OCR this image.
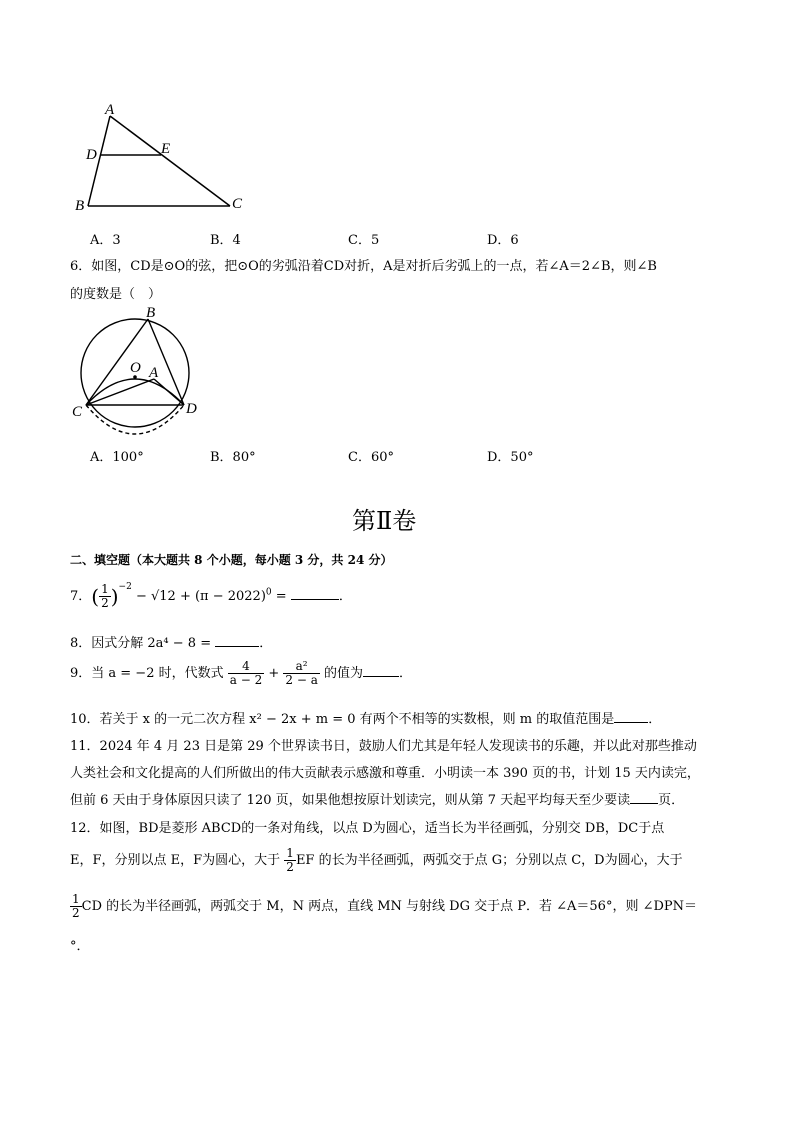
A
D	E
B	C
A．3	B．4	C．5	D．6
6．如图，CD是⊙O的弦，把⊙O的劣弧沿着CD对折，A是对折后劣弧上的一点，若∠A＝2∠B，则∠B
的度数是（　）
B
O A
C	D
A．100°	B．80°	C．60°	D．50°
第Ⅱ卷
二、填空题（本大题共 8 个小题，每小题 3 分，共 24 分）
7．( $\frac{1}{2} )^{-2} - √12 + (\pi - 2022)^0$ =	．
8．因式分解 2a⁴ − 8 =	．
9．当 a = −2 时，代数式 $\frac{4}{a - 2} + \frac{\text{a²}}{2 - a}$ 的值为	．
10．若关于 x 的一元二次方程 x² − 2x + m = 0 有两个不相等的实数根，则 m 的取值范围是	．
11．2024 年 4 月 23 日是第 29 个世界读书日，鼓励人们尤其是年轻人发现读书的乐趣，并以此对那些推动
人类社会和文化提高的人们所做出的伟大贡献表示感激和尊重．小明读一本 390 页的书，计划 15 天内读完，
但前 6 天由于身体原因只读了 120 页，如果他想按原计划读完，则从第 7 天起平均每天至少要读 页．
12．如图，BD是菱形 ABCD的一条对角线，以点 D为圆心，适当长为半径画弧，分别交 DB，DC于点
E，F，分别以点 E，F为圆心，大于 $\frac{1}{2}$ EF 的长为半径画弧，两弧交于点 G；分别以点 C，D为圆心，大于
$\frac{1}{2}$ CD 的长为半径画弧，两弧交于 M，N 两点，直线 MN 与射线 DG 交于点 P．若 ∠A＝56°，则 ∠DPN＝
°．
